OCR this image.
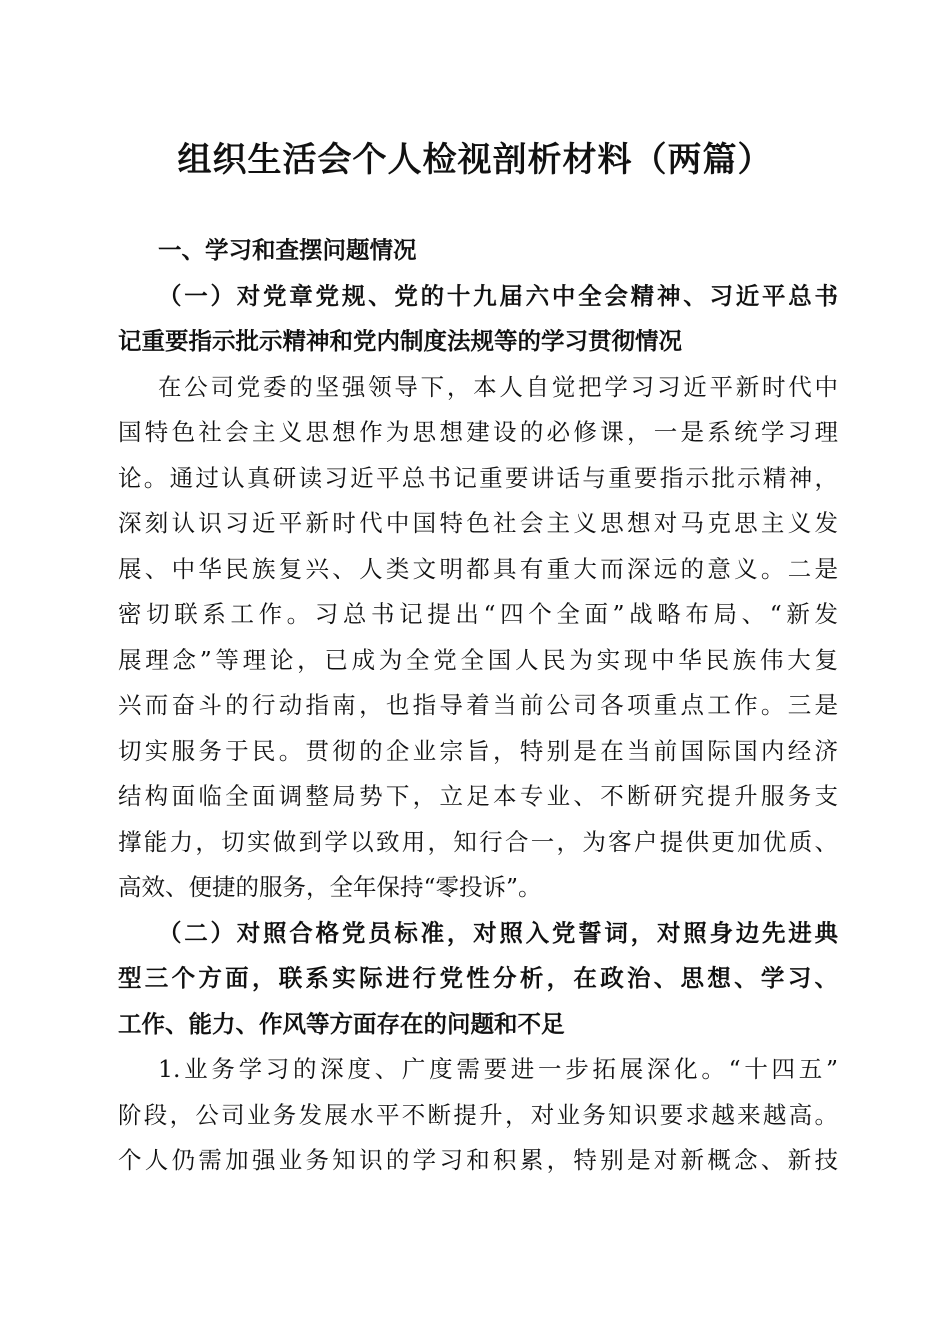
组织生活会个人检视剖析材料（两篇）
一、学习和查摆问题情况
（一）对党章党规、党的十九届六中全会精神、习近平总书
记重要指示批示精神和党内制度法规等的学习贯彻情况
在公司党委的坚强领导下，本人自觉把学习习近平新时代中
国特色社会主义思想作为思想建设的必修课，一是系统学习理
论。通过认真研读习近平总书记重要讲话与重要指示批示精神，
深刻认识习近平新时代中国特色社会主义思想对马克思主义发
展、中华民族复兴、人类文明都具有重大而深远的意义。二是
密切联系工作。习总书记提出“四个全面”战略布局、“新发
展理念”等理论，已成为全党全国人民为实现中华民族伟大复
兴而奋斗的行动指南，也指导着当前公司各项重点工作。三是
切实服务于民。贯彻的企业宗旨，特别是在当前国际国内经济
结构面临全面调整局势下，立足本专业、不断研究提升服务支
撑能力，切实做到学以致用，知行合一，为客户提供更加优质、
高效、便捷的服务，全年保持“零投诉”。
（二）对照合格党员标准，对照入党誓词，对照身边先进典
型三个方面，联系实际进行党性分析，在政治、思想、学习、
工作、能力、作风等方面存在的问题和不足
1.业务学习的深度、广度需要进一步拓展深化。“十四五”
阶段，公司业务发展水平不断提升，对业务知识要求越来越高。
个人仍需加强业务知识的学习和积累，特别是对新概念、新技
